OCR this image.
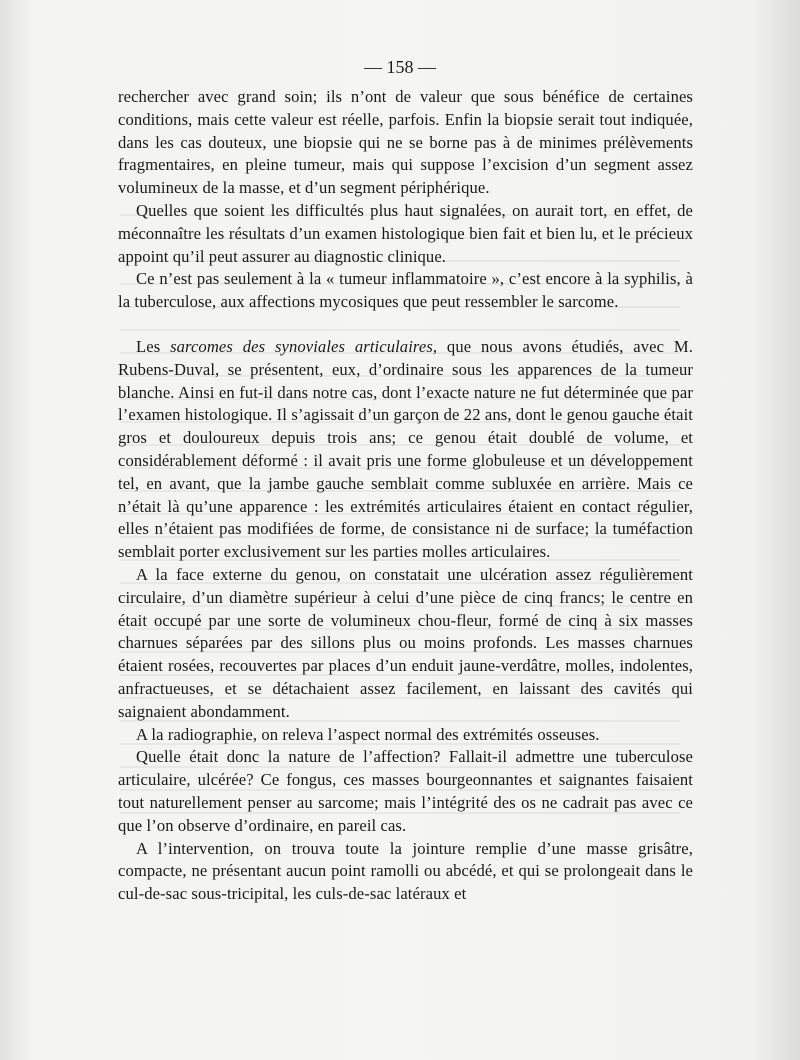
— 158 —

rechercher avec grand soin; ils n’ont de valeur que sous bénéfice de certaines conditions, mais cette valeur est réelle, parfois. Enfin la biopsie serait tout indiquée, dans les cas douteux, une biopsie qui ne se borne pas à de minimes prélèvements fragmentaires, en pleine tumeur, mais qui suppose l’excision d’un segment assez volumineux de la masse, et d’un segment périphérique.

Quelles que soient les difficultés plus haut signalées, on aurait tort, en effet, de méconnaître les résultats d’un examen histologique bien fait et bien lu, et le précieux appoint qu’il peut assurer au diagnostic clinique.

Ce n’est pas seulement à la « tumeur inflammatoire », c’est encore à la syphilis, à la tuberculose, aux affections mycosiques que peut ressembler le sarcome.

Les sarcomes des synoviales articulaires, que nous avons étudiés, avec M. Rubens-Duval, se présentent, eux, d’ordinaire sous les apparences de la tumeur blanche. Ainsi en fut-il dans notre cas, dont l’exacte nature ne fut déterminée que par l’examen histologique. Il s’agissait d’un garçon de 22 ans, dont le genou gauche était gros et douloureux depuis trois ans; ce genou était doublé de volume, et considérablement déformé : il avait pris une forme globuleuse et un développement tel, en avant, que la jambe gauche semblait comme subluxée en arrière. Mais ce n’était là qu’une apparence : les extrémités articulaires étaient en contact régulier, elles n’étaient pas modifiées de forme, de consistance ni de surface; la tuméfaction semblait porter exclusivement sur les parties molles articulaires.

A la face externe du genou, on constatait une ulcération assez régulièrement circulaire, d’un diamètre supérieur à celui d’une pièce de cinq francs; le centre en était occupé par une sorte de volumineux chou-fleur, formé de cinq à six masses charnues séparées par des sillons plus ou moins profonds. Les masses charnues étaient rosées, recouvertes par places d’un enduit jaune-verdâtre, molles, indolentes, anfractueuses, et se détachaient assez facilement, en laissant des cavités qui saignaient abondamment.

A la radiographie, on releva l’aspect normal des extrémités osseuses.

Quelle était donc la nature de l’affection? Fallait-il admettre une tuberculose articulaire, ulcérée? Ce fongus, ces masses bourgeonnantes et saignantes faisaient tout naturellement penser au sarcome; mais l’intégrité des os ne cadrait pas avec ce que l’on observe d’ordinaire, en pareil cas.

A l’intervention, on trouva toute la jointure remplie d’une masse grisâtre, compacte, ne présentant aucun point ramolli ou abcédé, et qui se prolongeait dans le cul-de-sac sous-tricipital, les culs-de-sac latéraux et
